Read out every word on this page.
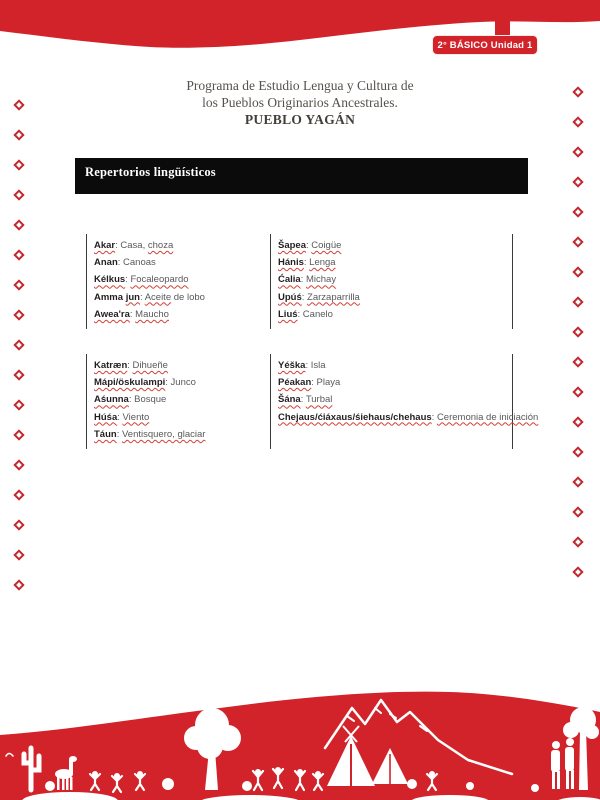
2° BÁSICO Unidad 1
Programa de Estudio Lengua y Cultura de
los Pueblos Originarios Ancestrales.
PUEBLO YAGÁN
Repertorios lingüísticos
Akar: Casa, choza
Anan: Canoas
Kélkus: Focaleopardo
Amma jun: Aceite de lobo
Awea'ra: Maucho
Šapea: Coigüe
Hánis: Lenga
Ćalia: Michay
Upúś: Zarzaparrilla
Liuś: Canelo
Katræn: Dihueñe
Mápi/öskulampi: Junco
Aśunna: Bosque
Húśa: Viento
Táun: Ventisquero, glaciar
Yéška: Isla
Péakan: Playa
Šána: Turbal
Chejaus/ćiáxaus/śiehaus/chehaus: Ceremonia de iniciación
